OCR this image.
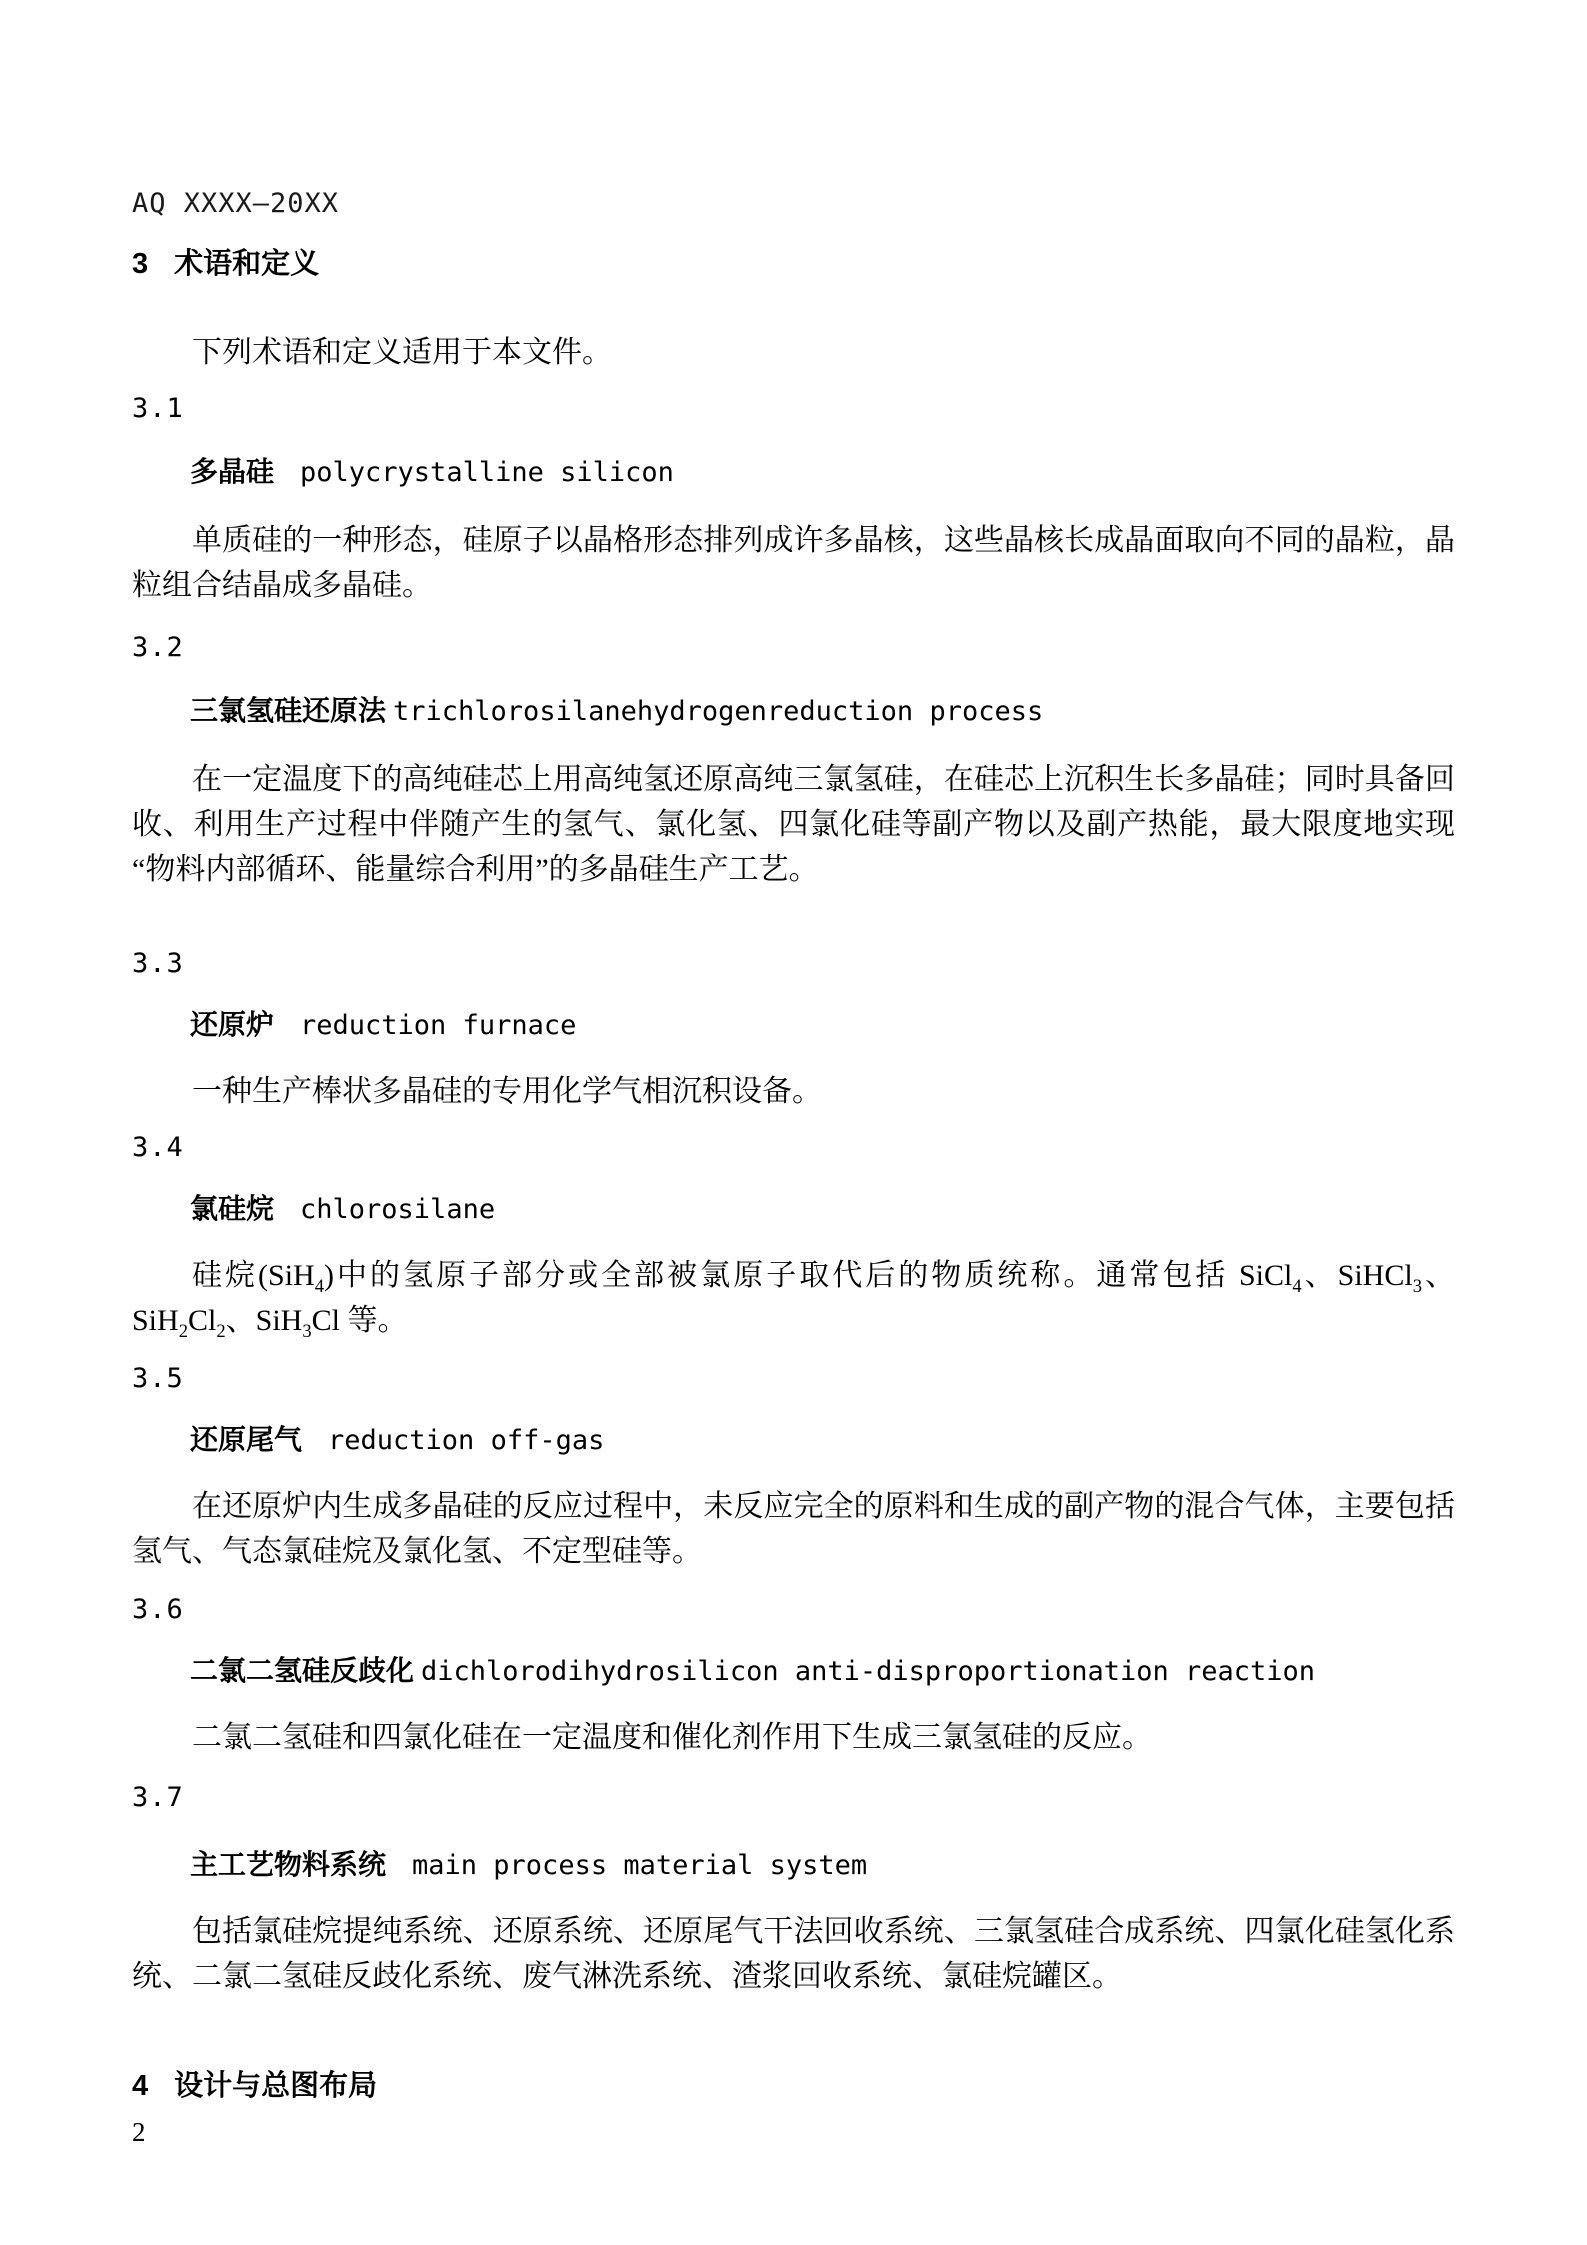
AQ XXXX—20XX
3 术语和定义

下列术语和定义适用于本文件。

3.1
多晶硅 polycrystalline silicon

单质硅的一种形态，硅原子以晶格形态排列成许多晶核，这些晶核长成晶面取向不同的晶粒，晶粒组合结晶成多晶硅。

3.2
三氯氢硅还原法 trichlorosilanehydrogenreduction process

在一定温度下的高纯硅芯上用高纯氢还原高纯三氯氢硅，在硅芯上沉积生长多晶硅；同时具备回收、利用生产过程中伴随产生的氢气、氯化氢、四氯化硅等副产物以及副产热能，最大限度地实现“物料内部循环、能量综合利用”的多晶硅生产工艺。

3.3
还原炉 reduction furnace

一种生产棒状多晶硅的专用化学气相沉积设备。

3.4
氯硅烷 chlorosilane

硅烷(SiH$_4$)中的氢原子部分或全部被氯原子取代后的物质统称。通常包括 SiCl$_4$、SiHCl$_3$、$SiH_2Cl_2$、SiH$_3$Cl 等。

3.5
还原尾气 reduction off-gas

在还原炉内生成多晶硅的反应过程中，未反应完全的原料和生成的副产物的混合气体，主要包括氢气、气态氯硅烷及氯化氢、不定型硅等。

3.6
二氯二氢硅反歧化 dichlorodihydrosilicon anti-disproportionation reaction

二氯二氢硅和四氯化硅在一定温度和催化剂作用下生成三氯氢硅的反应。

3.7
主工艺物料系统 main process material system

包括氯硅烷提纯系统、还原系统、还原尾气干法回收系统、三氯氢硅合成系统、四氯化硅氢化系统、二氯二氢硅反歧化系统、废气淋洗系统、渣浆回收系统、氯硅烷罐区。

4 设计与总图布局
2
